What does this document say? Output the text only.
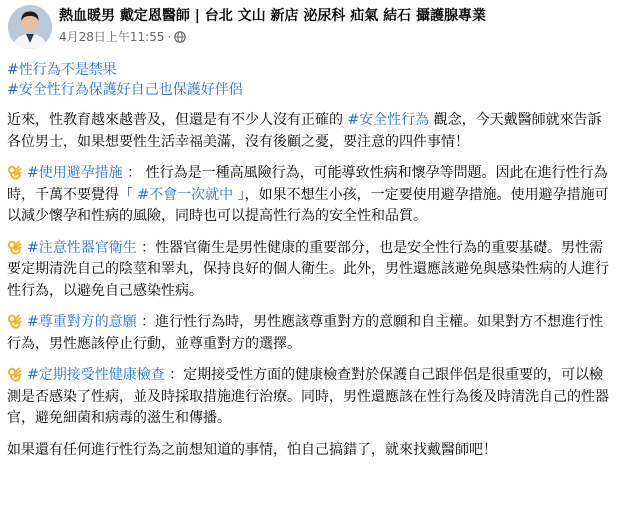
熱血暖男 戴定恩醫師 | 台北 文山 新店 泌尿科 疝氣 結石 攝護腺專業
4月28日上午11:55 ·

#性行為不是禁果

#安全性行為保護好自己也保護好伴侶

近來，性教育越來越普及，但還是有不少人沒有正確的 #安全性行為 觀念，今天戴醫師就來告訴各位男士，如果想要性生活幸福美滿，沒有後顧之憂，要注意的四件事情！

#使用避孕措施 ： 性行為是一種高風險行為，可能導致性病和懷孕等問題。因此在進行性行為時，千萬不要覺得「 #不會一次就中 」，如果不想生小孩，一定要使用避孕措施。使用避孕措施可以減少懷孕和性病的風險，同時也可以提高性行為的安全性和品質。

#注意性器官衛生 ：性器官衛生是男性健康的重要部分，也是安全性行為的重要基礎。男性需要定期清洗自己的陰莖和睪丸，保持良好的個人衛生。此外，男性還應該避免與感染性病的人進行性行為，以避免自己感染性病。

#尊重對方的意願 ：進行性行為時，男性應該尊重對方的意願和自主權。如果對方不想進行性行為，男性應該停止行動，並尊重對方的選擇。

#定期接受性健康檢查 ：定期接受性方面的健康檢查對於保護自己跟伴侶是很重要的，可以檢測是否感染了性病，並及時採取措施進行治療。同時，男性還應該在性行為後及時清洗自己的性器官，避免細菌和病毒的滋生和傳播。

如果還有任何進行性行為之前想知道的事情，怕自己搞錯了，就來找戴醫師吧！
